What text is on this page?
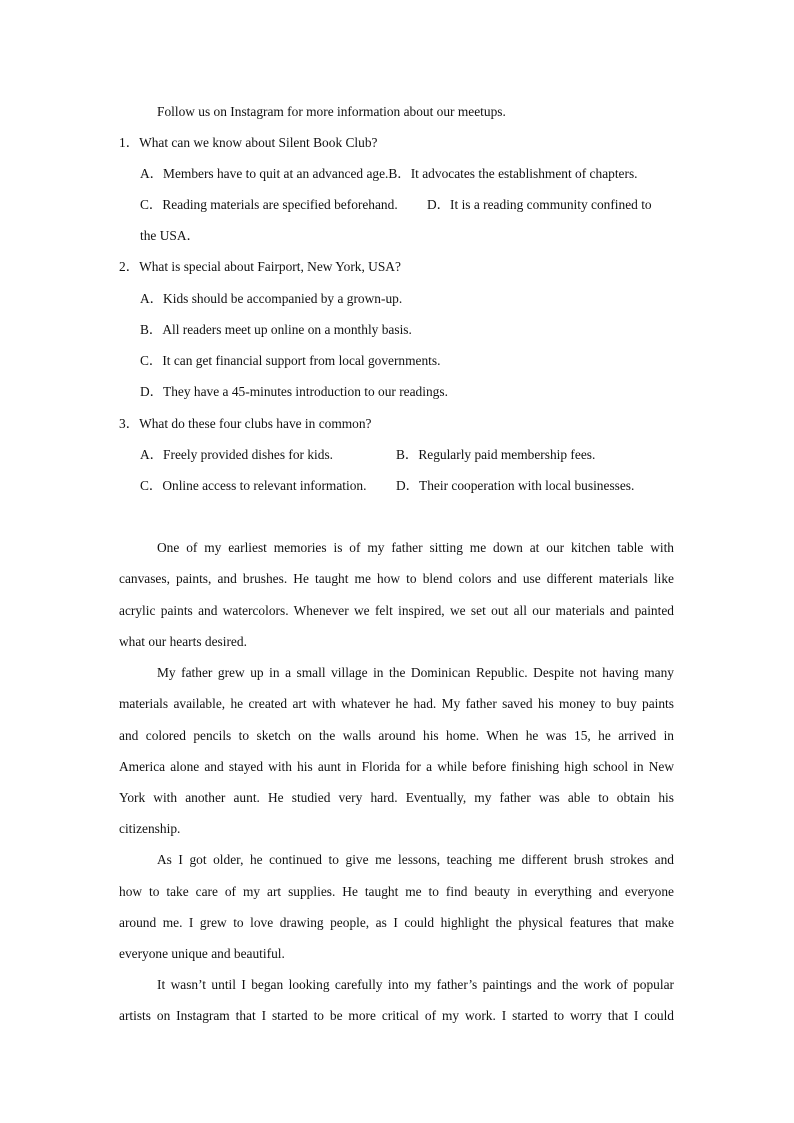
Follow us on Instagram for more information about our meetups.
1．What can we know about Silent Book Club?
A．Members have to quit at an advanced age.B．It advocates the establishment of chapters.
C．Reading materials are specified beforehand. D．It is a reading community confined to
the USA．
2．What is special about Fairport, New York, USA?
A．Kids should be accompanied by a grown-up.
B．All readers meet up online on a monthly basis.
C．It can get financial support from local governments.
D．They have a 45-minutes introduction to our readings.
3．What do these four clubs have in common?
A．Freely provided dishes for kids.	B．Regularly paid membership fees.
C．Online access to relevant information. D．Their cooperation with local businesses.
One of my earliest memories is of my father sitting me down at our kitchen table with
canvases, paints, and brushes. He taught me how to blend colors and use different materials like
acrylic paints and watercolors. Whenever we felt inspired, we set out all our materials and painted
what our hearts desired.
My father grew up in a small village in the Dominican Republic. Despite not having many
materials available, he created art with whatever he had. My father saved his money to buy paints
and colored pencils to sketch on the walls around his home. When he was 15, he arrived in
America alone and stayed with his aunt in Florida for a while before finishing high school in New
York with another aunt. He studied very hard. Eventually, my father was able to obtain his
citizenship.
As I got older, he continued to give me lessons, teaching me different brush strokes and
how to take care of my art supplies. He taught me to find beauty in everything and everyone
around me. I grew to love drawing people, as I could highlight the physical features that make
everyone unique and beautiful.
It wasn’t until I began looking carefully into my father’s paintings and the work of popular
artists on Instagram that I started to be more critical of my work. I started to worry that I could
